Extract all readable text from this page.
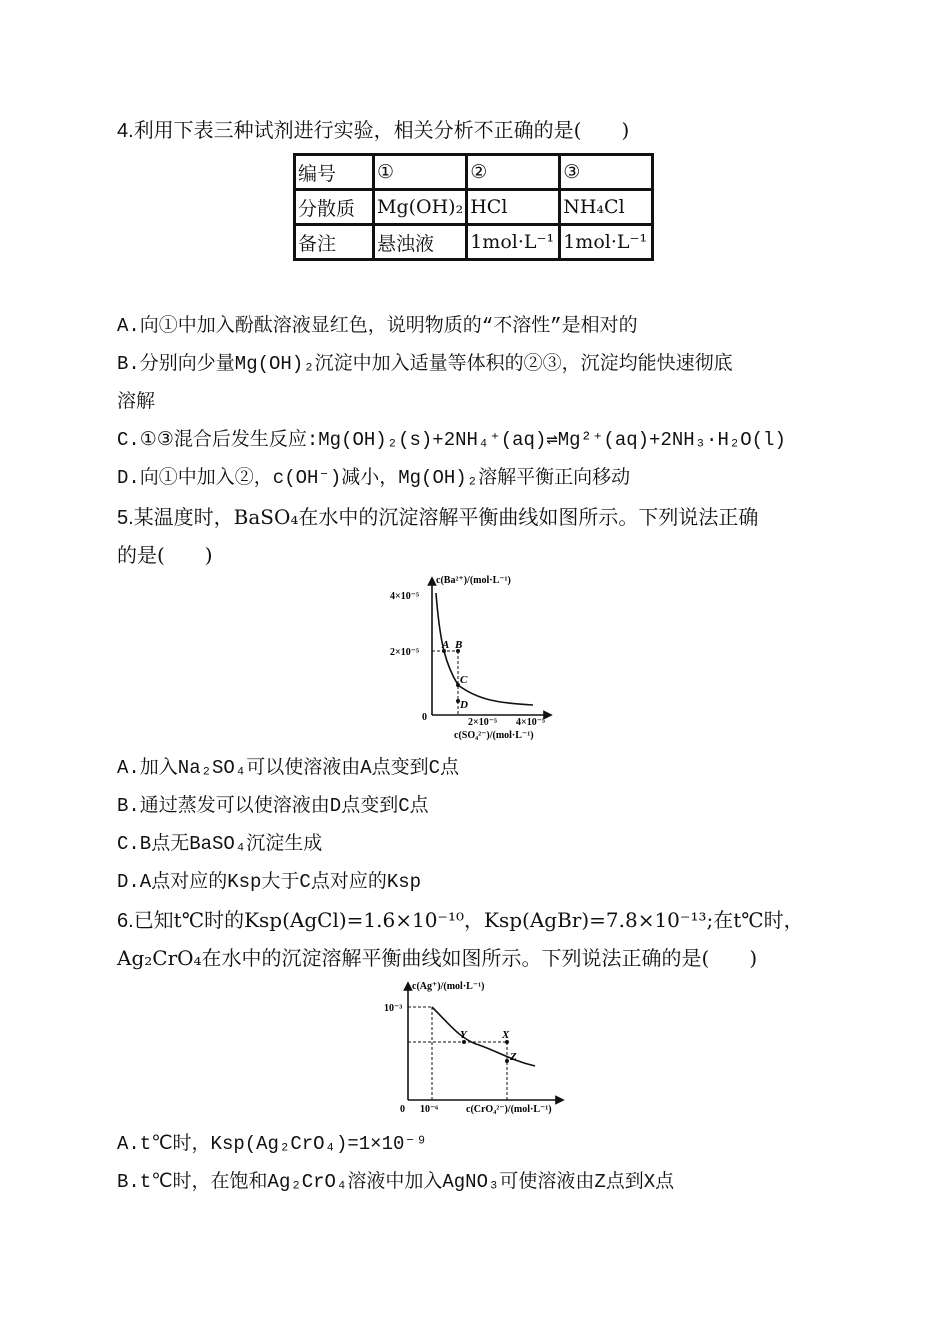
4.利用下表三种试剂进行实验，相关分析不正确的是(　　)
编号	①	②	③
分散质	Mg(OH)₂	HCl	NH₄Cl
备注	悬浊液	1mol·L⁻¹	1mol·L⁻¹
A.向①中加入酚酞溶液显红色，说明物质的“不溶性”是相对的
B.分别向少量Mg(OH)₂沉淀中加入适量等体积的②③，沉淀均能快速彻底
溶解
C.①③混合后发生反应:Mg(OH)₂(s)+2NH₄⁺(aq)⇌Mg²⁺(aq)+2NH₃·H₂O(l)
D.向①中加入②，c(OH⁻)减小，Mg(OH)₂溶解平衡正向移动
5.某温度时，BaSO₄在水中的沉淀溶解平衡曲线如图所示。下列说法正确
的是(　　)
c(Ba²⁺)/(mol·L⁻¹)
4×10⁻⁵
2×10⁻⁵
0	2×10⁻⁵ 4×10⁻⁵
c(SO₄²⁻)/(mol·L⁻¹)
A B
C
D
A.加入Na₂SO₄可以使溶液由A点变到C点
B.通过蒸发可以使溶液由D点变到C点
C.B点无BaSO₄沉淀生成
D.A点对应的Ksp大于C点对应的Ksp
6.已知t℃时的Ksp(AgCl)=1.6×10⁻¹⁰，Ksp(AgBr)=7.8×10⁻¹³;在t℃时，
Ag₂CrO₄在水中的沉淀溶解平衡曲线如图所示。下列说法正确的是(　　)
c(Ag⁺)/(mol·L⁻¹)
10⁻³
0 10⁻⁶	c(CrO₄²⁻)/(mol·L⁻¹)
Y	X
Z
A.t℃时，Ksp(Ag₂CrO₄)=1×10⁻⁹
B.t℃时，在饱和Ag₂CrO₄溶液中加入AgNO₃可使溶液由Z点到X点
